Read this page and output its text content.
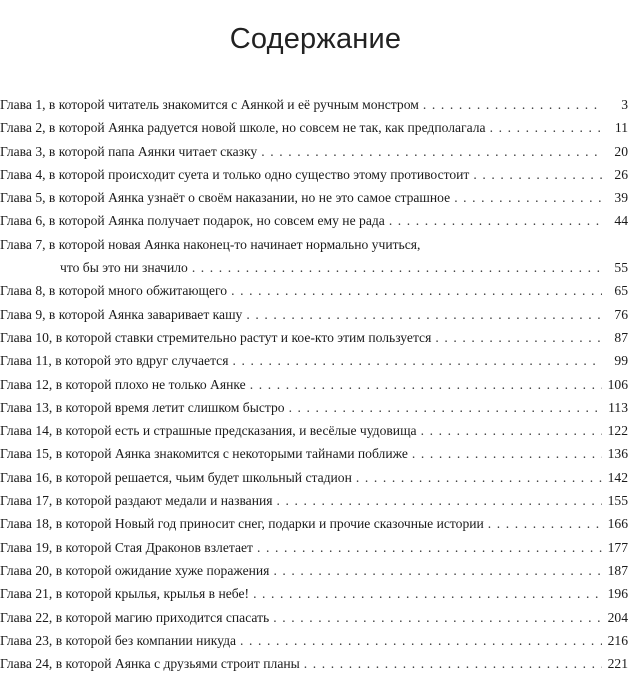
Содержание
Глава 1, в которой читатель знакомится с Аянкой и её ручным монстром . . .	3
Глава 2, в которой Аянка радуется новой школе, но совсем не так, как предполагала . . .	11
Глава 3, в которой папа Аянки читает сказку . . .	20
Глава 4, в которой происходит суета и только одно существо этому противостоит . . .	26
Глава 5, в которой Аянка узнаёт о своём наказании, но не это самое страшное . . .	39
Глава 6, в которой Аянка получает подарок, но совсем ему не рада . . .	44
Глава 7, в которой новая Аянка наконец-то начинает нормально учиться,
что бы это ни значило . . .	55
Глава 8, в которой много обжитающего . . .	65
Глава 9, в которой Аянка заваривает кашу . . .	76
Глава 10, в которой ставки стремительно растут и кое-кто этим пользуется . . .	87
Глава 11, в которой это вдруг случается . . .	99
Глава 12, в которой плохо не только Аянке . . .	106
Глава 13, в которой время летит слишком быстро . . .	113
Глава 14, в которой есть и страшные предсказания, и весёлые чудовища . . .	122
Глава 15, в которой Аянка знакомится с некоторыми тайнами поближе . . .	136
Глава 16, в которой решается, чьим будет школьный стадион . . .	142
Глава 17, в которой раздают медали и названия . . .	155
Глава 18, в которой Новый год приносит снег, подарки и прочие сказочные истории . . .	166
Глава 19, в которой Стая Драконов взлетает . . .	177
Глава 20, в которой ожидание хуже поражения . . .	187
Глава 21, в которой крылья, крылья в небе! . . .	196
Глава 22, в которой магию приходится спасать . . .	204
Глава 23, в которой без компании никуда . . .	216
Глава 24, в которой Аянка с друзьями строит планы . . .	221
